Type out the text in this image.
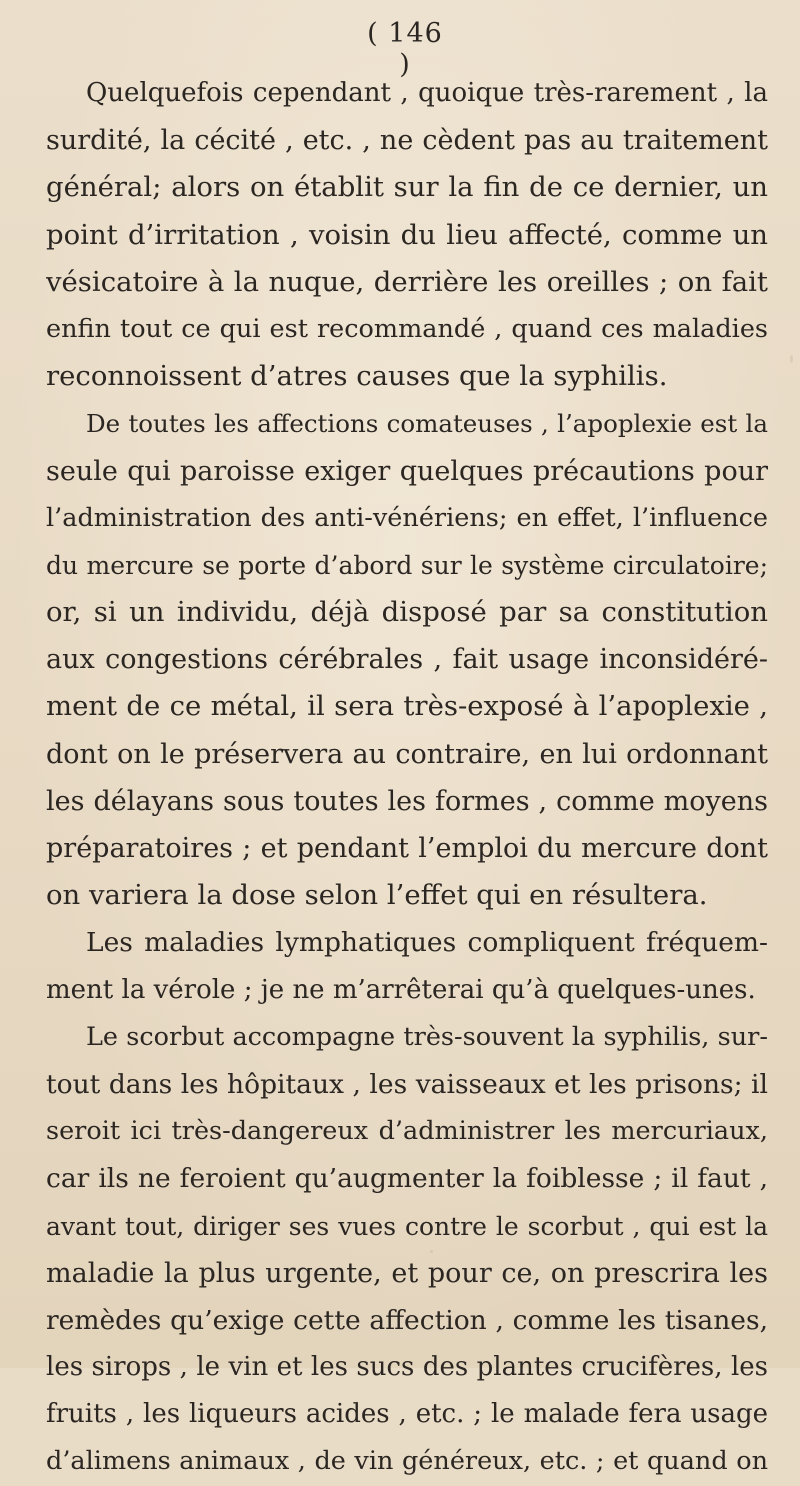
( 146 )
Quelquefois cependant , quoique très-rarement , la
surdité, la cécité , etc. , ne cèdent pas au traitement
général; alors on établit sur la fin de ce dernier, un
point d’irritation , voisin du lieu affecté, comme un
vésicatoire à la nuque, derrière les oreilles ; on fait
enfin tout ce qui est recommandé , quand ces maladies
reconnoissent d’atres causes que la syphilis.
De toutes les affections comateuses , l’apoplexie est la
seule qui paroisse exiger quelques précautions pour
l’administration des anti-vénériens; en effet, l’influence
du mercure se porte d’abord sur le système circulatoire;
or, si un individu, déjà disposé par sa constitution
aux congestions cérébrales , fait usage inconsidéré-
ment de ce métal, il sera très-exposé à l’apoplexie ,
dont on le préservera au contraire, en lui ordonnant
les délayans sous toutes les formes , comme moyens
préparatoires ; et pendant l’emploi du mercure dont
on variera la dose selon l’effet qui en résultera.
Les maladies lymphatiques compliquent fréquem-
ment la vérole ; je ne m’arrêterai qu’à quelques-unes.
Le scorbut accompagne très-souvent la syphilis, sur-
tout dans les hôpitaux , les vaisseaux et les prisons; il
seroit ici très-dangereux d’administrer les mercuriaux,
car ils ne feroient qu’augmenter la foiblesse ; il faut ,
avant tout, diriger ses vues contre le scorbut , qui est la
maladie la plus urgente, et pour ce, on prescrira les
remèdes qu’exige cette affection , comme les tisanes,
les sirops , le vin et les sucs des plantes crucifères, les
fruits , les liqueurs acides , etc. ; le malade fera usage
d’alimens animaux , de vin généreux, etc. ; et quand on
